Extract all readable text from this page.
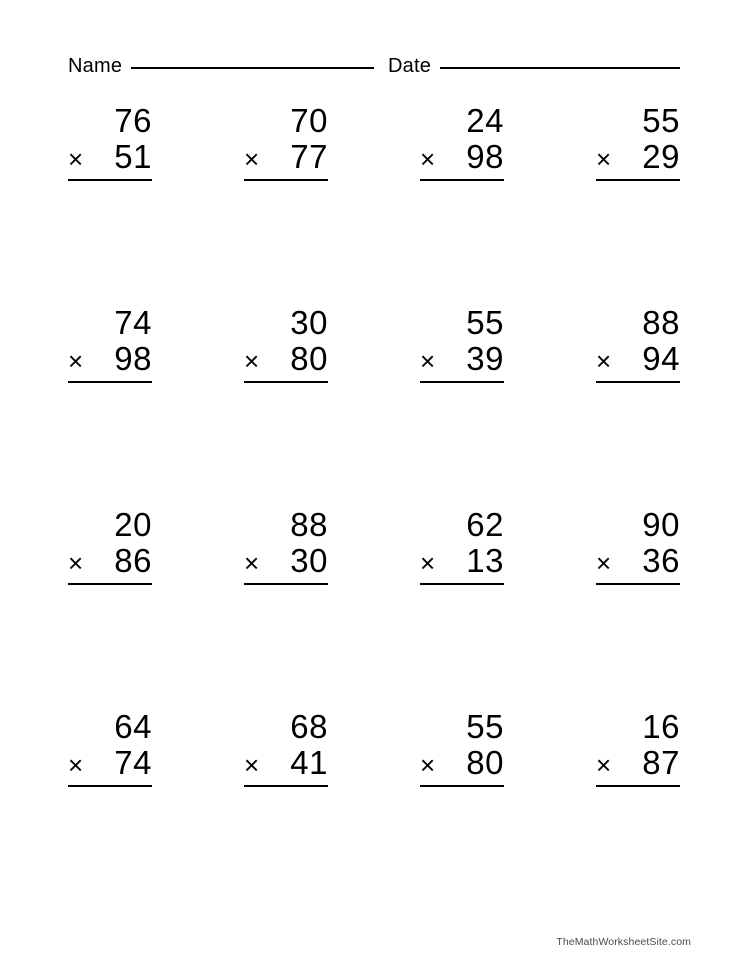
Name	Date
76
× 51
70
× 77
24
× 98
55
× 29
74
× 98
30
× 80
55
× 39
88
× 94
20
× 86
88
× 30
62
× 13
90
× 36
64
× 74
68
× 41
55
× 80
16
× 87
TheMathWorksheetSite.com
